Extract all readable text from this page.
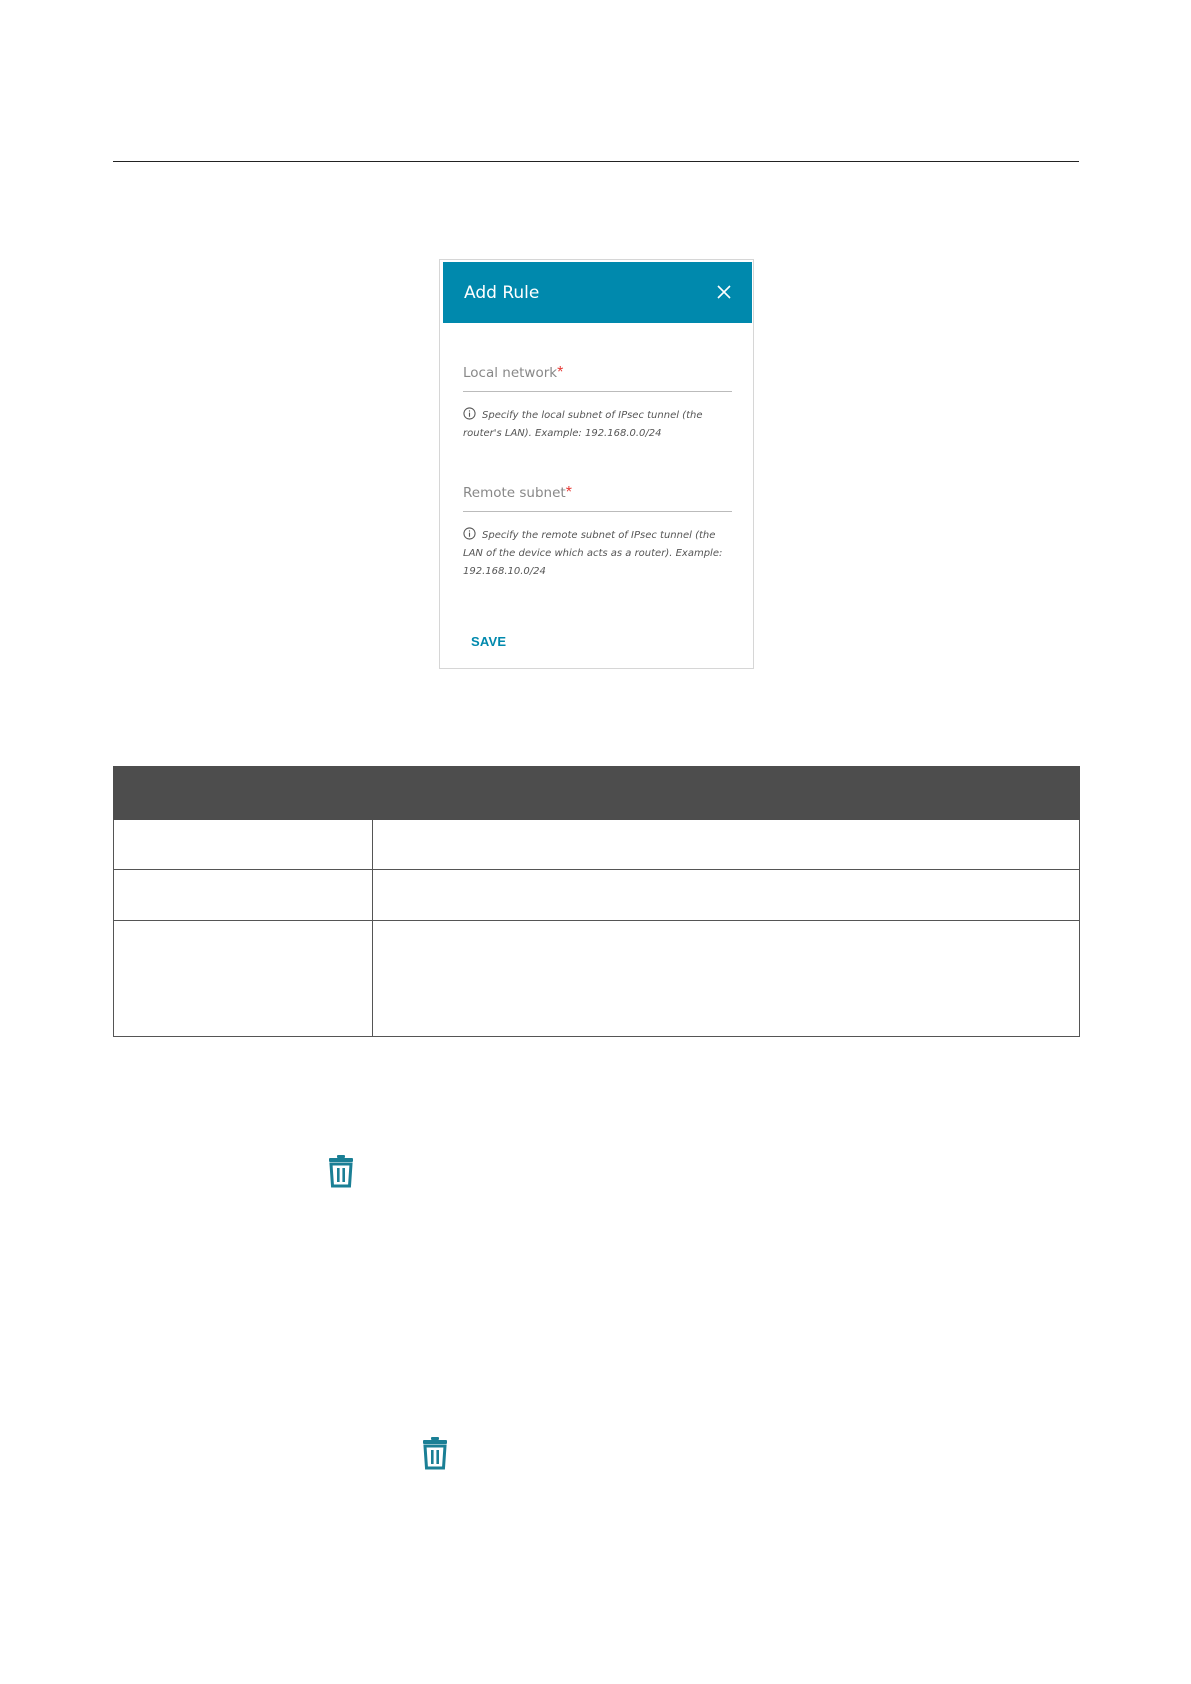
Add Rule
Local network*
Specify the local subnet of IPsec tunnel (the router's LAN). Example: 192.168.0.0/24
Remote subnet*
Specify the remote subnet of IPsec tunnel (the LAN of the device which acts as a router). Example: 192.168.10.0/24
SAVE
